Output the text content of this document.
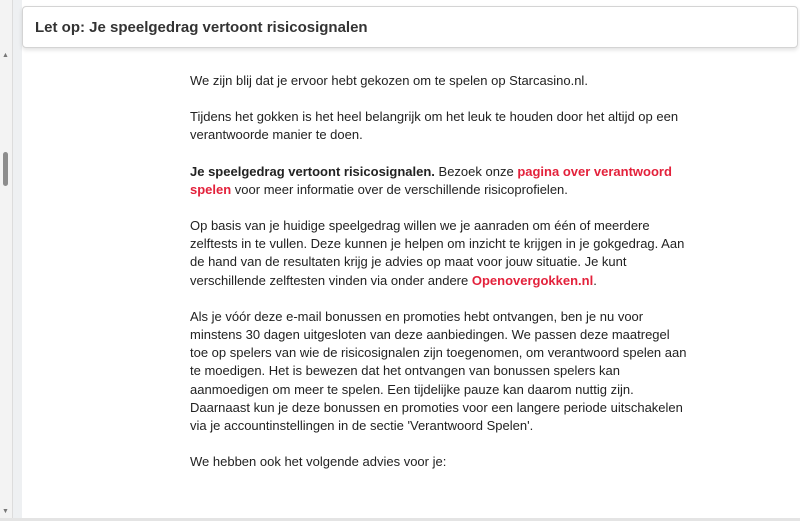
▲
▼
Let op: Je speelgedrag vertoont risicosignalen

We zijn blij dat je ervoor hebt gekozen om te spelen op Starcasino.nl.

Tijdens het gokken is het heel belangrijk om het leuk te houden door het altijd op een verantwoorde manier te doen.

Je speelgedrag vertoont risicosignalen. Bezoek onze pagina over verantwoord spelen voor meer informatie over de verschillende risicoprofielen.

Op basis van je huidige speelgedrag willen we je aanraden om één of meerdere zelftests in te vullen. Deze kunnen je helpen om inzicht te krijgen in je gokgedrag. Aan de hand van de resultaten krijg je advies op maat voor jouw situatie. Je kunt verschillende zelftesten vinden via onder andere Openovergokken.nl.

Als je vóór deze e-mail bonussen en promoties hebt ontvangen, ben je nu voor minstens 30 dagen uitgesloten van deze aanbiedingen. We passen deze maatregel toe op spelers van wie de risicosignalen zijn toegenomen, om verantwoord spelen aan te moedigen. Het is bewezen dat het ontvangen van bonussen spelers kan aanmoedigen om meer te spelen. Een tijdelijke pauze kan daarom nuttig zijn. Daarnaast kun je deze bonussen en promoties voor een langere periode uitschakelen via je accountinstellingen in de sectie 'Verantwoord Spelen'.

We hebben ook het volgende advies voor je:
